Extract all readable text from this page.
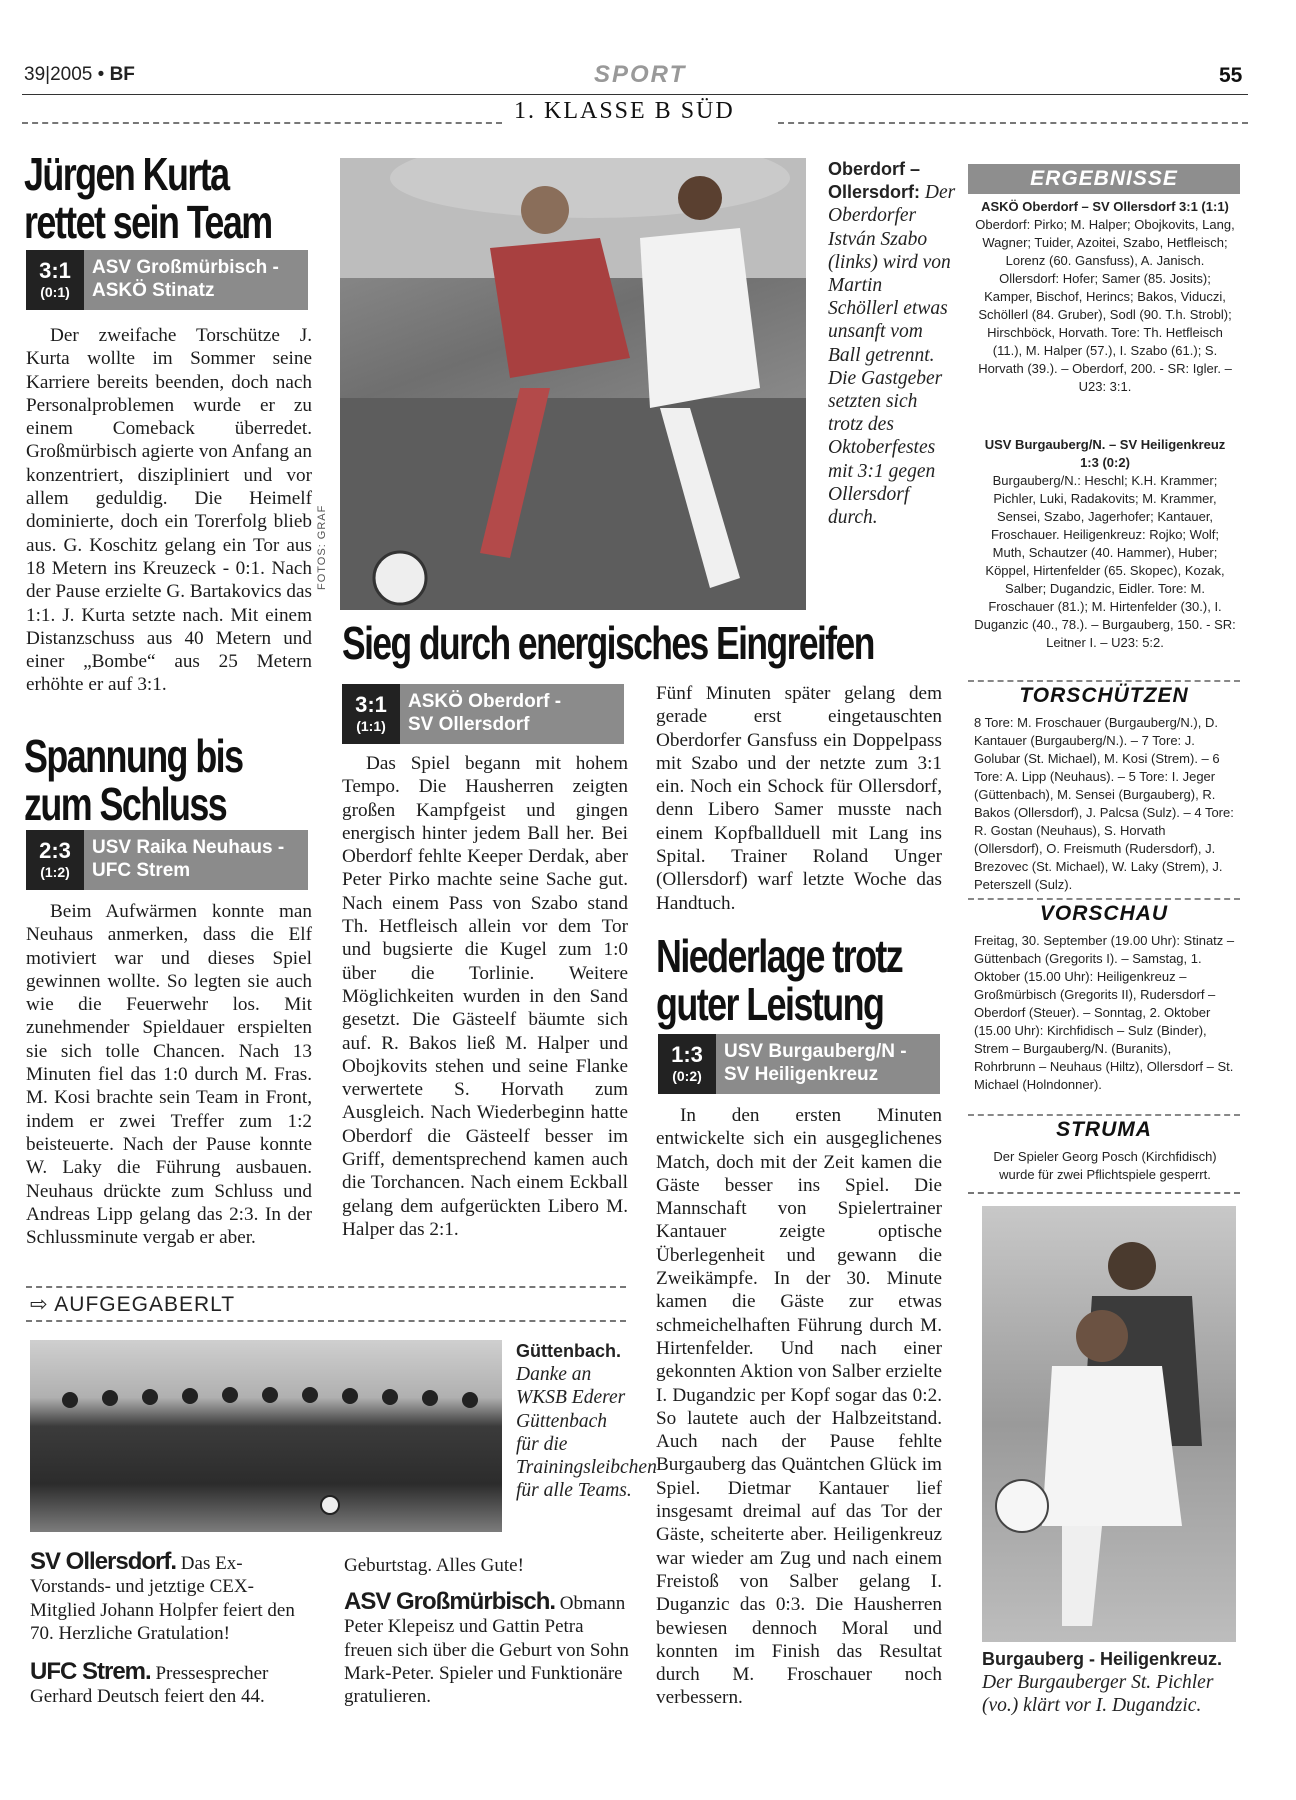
39|2005 • BF	SPORT	55
1. KLASSE B SÜD
Jürgen Kurta
rettet sein Team
3:1
(0:1)
ASV Großmürbisch -
ASKÖ Stinatz
Der zweifache Torschütze J. Kurta wollte im Sommer seine Karriere bereits beenden, doch nach Personalproblemen wurde er zu einem Comeback überredet. Großmürbisch agierte von Anfang an konzentriert, diszipliniert und vor allem geduldig. Die Heimelf dominierte, doch ein Torerfolg blieb aus. G. Koschitz gelang ein Tor aus 18 Metern ins Kreuzeck - 0:1. Nach der Pause erzielte G. Bartakovics das 1:1. J. Kurta setzte nach. Mit einem Distanzschuss aus 40 Metern und einer „Bombe“ aus 25 Metern erhöhte er auf 3:1.
Spannung bis
zum Schluss
2:3
(1:2)
USV Raika Neuhaus -
UFC Strem
Beim Aufwärmen konnte man Neuhaus anmerken, dass die Elf motiviert war und dieses Spiel gewinnen wollte. So legten sie auch wie die Feuerwehr los. Mit zunehmender Spieldauer erspielten sie sich tolle Chancen. Nach 13 Minuten fiel das 1:0 durch M. Fras. M. Kosi brachte sein Team in Front, indem er zwei Treffer zum 1:2 beisteuerte. Nach der Pause konnte W. Laky die Führung ausbauen. Neuhaus drückte zum Schluss und Andreas Lipp gelang das 2:3. In der Schlussminute vergab er aber.
FOTOS: GRAF
Oberdorf – Ollersdorf: Der Oberdorfer István Szabo (links) wird von Martin Schöllerl etwas unsanft vom Ball getrennt. Die Gastgeber setzten sich trotz des Oktoberfestes mit 3:1 gegen Ollersdorf durch.
Sieg durch energisches Eingreifen
3:1
(1:1)
ASKÖ Oberdorf -
SV Ollersdorf
Das Spiel begann mit hohem Tempo. Die Hausherren zeigten großen Kampfgeist und gingen energisch hinter jedem Ball her. Bei Oberdorf fehlte Keeper Derdak, aber Peter Pirko machte seine Sache gut. Nach einem Pass von Szabo stand Th. Hetfleisch allein vor dem Tor und bugsierte die Kugel zum 1:0 über die Torlinie. Weitere Möglichkeiten wurden in den Sand gesetzt. Die Gästeelf bäumte sich auf. R. Bakos ließ M. Halper und Obojkovits stehen und seine Flanke verwertete S. Horvath zum Ausgleich. Nach Wiederbeginn hatte Oberdorf die Gästeelf besser im Griff, dementsprechend kamen auch die Torchancen. Nach einem Eckball gelang dem aufgerückten Libero M. Halper das 2:1.
Fünf Minuten später gelang dem gerade erst eingetauschten Oberdorfer Gansfuss ein Doppelpass mit Szabo und der netzte zum 3:1 ein. Noch ein Schock für Ollersdorf, denn Libero Samer musste nach einem Kopfballduell mit Lang ins Spital. Trainer Roland Unger (Ollersdorf) warf letzte Woche das Handtuch.
Niederlage trotz
guter Leistung
1:3
(0:2)
USV Burgauberg/N -
SV Heiligenkreuz
In den ersten Minuten entwickelte sich ein ausgeglichenes Match, doch mit der Zeit kamen die Gäste besser ins Spiel. Die Mannschaft von Spielertrainer Kantauer zeigte optische Überlegenheit und gewann die Zweikämpfe. In der 30. Minute kamen die Gäste zur etwas schmeichelhaften Führung durch M. Hirtenfelder. Und nach einer gekonnten Aktion von Salber erzielte I. Dugandzic per Kopf sogar das 0:2. So lautete auch der Halbzeitstand. Auch nach der Pause fehlte Burgauberg das Quäntchen Glück im Spiel. Dietmar Kantauer lief insgesamt dreimal auf das Tor der Gäste, scheiterte aber. Heiligenkreuz war wieder am Zug und nach einem Freistoß von Salber gelang I. Duganzic das 0:3. Die Hausherren bewiesen dennoch Moral und konnten im Finish das Resultat durch M. Froschauer noch verbessern.
⇨ AUFGEGABERLT
Güttenbach. Danke an WKSB Ederer Güttenbach für die Trainingsleibchen für alle Teams.
SV Ollersdorf. Das Ex-Vorstands- und jetztige CEX-Mitglied Johann Holpfer feiert den 70. Herzliche Gratulation!
UFC Strem. Pressesprecher Gerhard Deutsch feiert den 44.
Geburtstag. Alles Gute!
ASV Großmürbisch. Obmann Peter Klepeisz und Gattin Petra freuen sich über die Geburt von Sohn Mark-Peter. Spieler und Funktionäre gratulieren.
ERGEBNISSE
ASKÖ Oberdorf – SV Ollersdorf 3:1 (1:1)
Oberdorf: Pirko; M. Halper; Obojkovits, Lang, Wagner; Tuider, Azoitei, Szabo, Hetfleisch; Lorenz (60. Gansfuss), A. Janisch. Ollersdorf: Hofer; Samer (85. Josits); Kamper, Bischof, Herincs; Bakos, Viduczi, Schöllerl (84. Gruber), Sodl (90. T.h. Strobl); Hirschböck, Horvath. Tore: Th. Hetfleisch (11.), M. Halper (57.), I. Szabo (61.); S. Horvath (39.). – Oberdorf, 200. - SR: Igler. – U23: 3:1.
USV Burgauberg/N. – SV Heiligenkreuz 1:3 (0:2)
Burgauberg/N.: Heschl; K.H. Krammer; Pichler, Luki, Radakovits; M. Krammer, Sensei, Szabo, Jagerhofer; Kantauer, Froschauer. Heiligenkreuz: Rojko; Wolf; Muth, Schautzer (40. Hammer), Huber; Köppel, Hirtenfelder (65. Skopec), Kozak, Salber; Dugandzic, Eidler. Tore: M. Froschauer (81.); M. Hirtenfelder (30.), I. Duganzic (40., 78.). – Burgauberg, 150. - SR: Leitner I. – U23: 5:2.
TORSCHÜTZEN
8 Tore: M. Froschauer (Burgauberg/N.), D. Kantauer (Burgauberg/N.). – 7 Tore: J. Golubar (St. Michael), M. Kosi (Strem). – 6 Tore: A. Lipp (Neuhaus). – 5 Tore: I. Jeger (Güttenbach), M. Sensei (Burgauberg), R. Bakos (Ollersdorf), J. Palcsa (Sulz). – 4 Tore: R. Gostan (Neuhaus), S. Horvath (Ollersdorf), O. Freismuth (Rudersdorf), J. Brezovec (St. Michael), W. Laky (Strem), J. Peterszell (Sulz).
VORSCHAU
Freitag, 30. September (19.00 Uhr): Stinatz – Güttenbach (Gregorits I). – Samstag, 1. Oktober (15.00 Uhr): Heiligenkreuz – Großmürbisch (Gregorits II), Rudersdorf – Oberdorf (Steuer). – Sonntag, 2. Oktober (15.00 Uhr): Kirchfidisch – Sulz (Binder), Strem – Burgauberg/N. (Buranits), Rohrbrunn – Neuhaus (Hiltz), Ollersdorf – St. Michael (Holndonner).
STRUMA
Der Spieler Georg Posch (Kirchfidisch) wurde für zwei Pflichtspiele gesperrt.
Burgauberg - Heiligenkreuz.
Der Burgauberger St. Pichler (vo.) klärt vor I. Dugandzic.
